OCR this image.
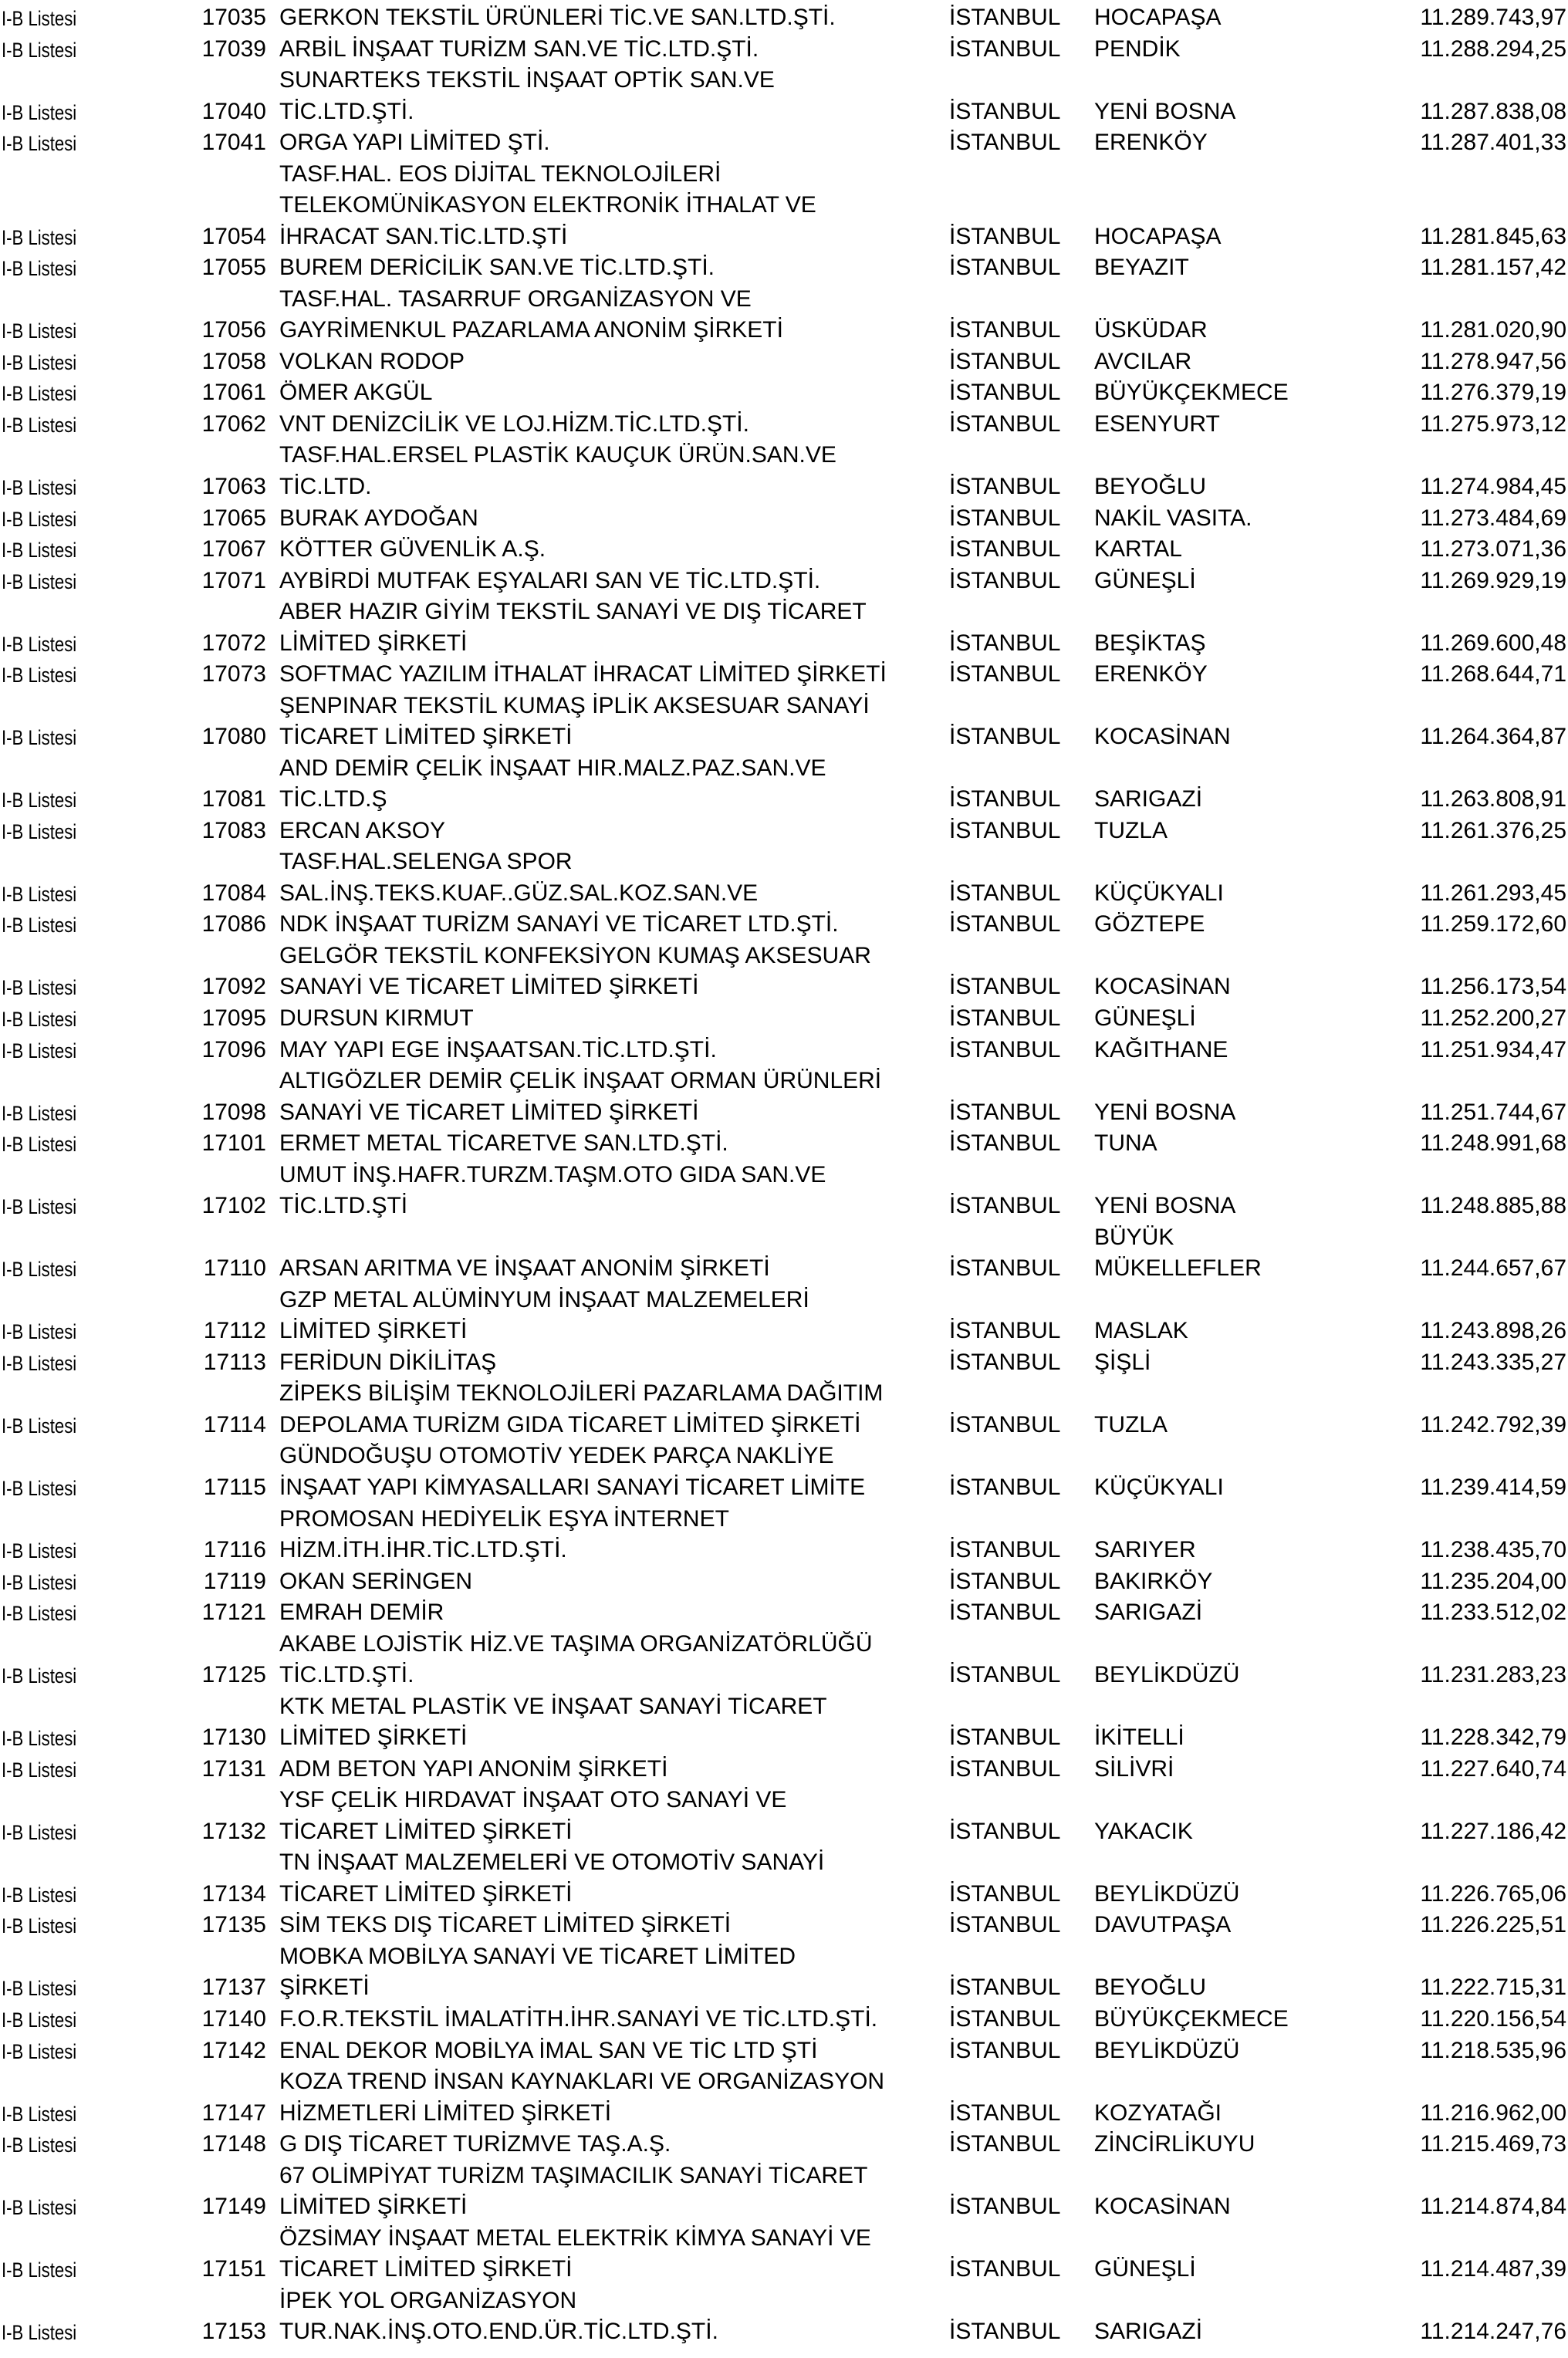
I-B Listesi	17035 GERKON TEKSTİL ÜRÜNLERİ TİC.VE SAN.LTD.ŞTİ.	İSTANBUL HOCAPAŞA	11.289.743,97
I-B Listesi	17039 ARBİL İNŞAAT TURİZM SAN.VE TİC.LTD.ŞTİ.	İSTANBUL PENDİK	11.288.294,25
SUNARTEKS TEKSTİL İNŞAAT OPTİK SAN.VE
I-B Listesi	17040 TİC.LTD.ŞTİ.	İSTANBUL YENİ BOSNA	11.287.838,08
I-B Listesi	17041 ORGA YAPI LİMİTED ŞTİ.	İSTANBUL ERENKÖY	11.287.401,33
TASF.HAL. EOS DİJİTAL TEKNOLOJİLERİ
TELEKOMÜNİKASYON ELEKTRONİK İTHALAT VE
I-B Listesi	17054 İHRACAT SAN.TİC.LTD.ŞTİ	İSTANBUL HOCAPAŞA	11.281.845,63
I-B Listesi	17055 BUREM DERİCİLİK SAN.VE TİC.LTD.ŞTİ.	İSTANBUL BEYAZIT	11.281.157,42
TASF.HAL. TASARRUF ORGANİZASYON VE
I-B Listesi	17056 GAYRİMENKUL PAZARLAMA ANONİM ŞİRKETİ	İSTANBUL ÜSKÜDAR	11.281.020,90
I-B Listesi	17058 VOLKAN RODOP	İSTANBUL AVCILAR	11.278.947,56
I-B Listesi	17061 ÖMER AKGÜL	İSTANBUL BÜYÜKÇEKMECE	11.276.379,19
I-B Listesi	17062 VNT DENİZCİLİK VE LOJ.HİZM.TİC.LTD.ŞTİ.	İSTANBUL ESENYURT	11.275.973,12
TASF.HAL.ERSEL PLASTİK KAUÇUK ÜRÜN.SAN.VE
I-B Listesi	17063 TİC.LTD.	İSTANBUL BEYOĞLU	11.274.984,45
I-B Listesi	17065 BURAK AYDOĞAN	İSTANBUL NAKİL VASITA.	11.273.484,69
I-B Listesi	17067 KÖTTER GÜVENLİK A.Ş.	İSTANBUL KARTAL	11.273.071,36
I-B Listesi	17071 AYBİRDİ MUTFAK EŞYALARI SAN VE TİC.LTD.ŞTİ.	İSTANBUL GÜNEŞLİ	11.269.929,19
ABER HAZIR GİYİM TEKSTİL SANAYİ VE DIŞ TİCARET
I-B Listesi	17072 LİMİTED ŞİRKETİ	İSTANBUL BEŞİKTAŞ	11.269.600,48
I-B Listesi	17073 SOFTMAC YAZILIM İTHALAT İHRACAT LİMİTED ŞİRKETİ	İSTANBUL ERENKÖY	11.268.644,71
ŞENPINAR TEKSTİL KUMAŞ İPLİK AKSESUAR SANAYİ
I-B Listesi	17080 TİCARET LİMİTED ŞİRKETİ	İSTANBUL KOCASİNAN	11.264.364,87
AND DEMİR ÇELİK İNŞAAT HIR.MALZ.PAZ.SAN.VE
I-B Listesi	17081 TİC.LTD.Ş	İSTANBUL SARIGAZİ	11.263.808,91
I-B Listesi	17083 ERCAN AKSOY	İSTANBUL TUZLA	11.261.376,25
TASF.HAL.SELENGA SPOR
I-B Listesi	17084 SAL.İNŞ.TEKS.KUAF..GÜZ.SAL.KOZ.SAN.VE	İSTANBUL KÜÇÜKYALI	11.261.293,45
I-B Listesi	17086 NDK İNŞAAT TURİZM SANAYİ VE TİCARET LTD.ŞTİ.	İSTANBUL GÖZTEPE	11.259.172,60
GELGÖR TEKSTİL KONFEKSİYON KUMAŞ AKSESUAR
I-B Listesi	17092 SANAYİ VE TİCARET LİMİTED ŞİRKETİ	İSTANBUL KOCASİNAN	11.256.173,54
I-B Listesi	17095 DURSUN KIRMUT	İSTANBUL GÜNEŞLİ	11.252.200,27
I-B Listesi	17096 MAY YAPI EGE İNŞAATSAN.TİC.LTD.ŞTİ.	İSTANBUL KAĞITHANE	11.251.934,47
ALTIGÖZLER DEMİR ÇELİK İNŞAAT ORMAN ÜRÜNLERİ
I-B Listesi	17098 SANAYİ VE TİCARET LİMİTED ŞİRKETİ	İSTANBUL YENİ BOSNA	11.251.744,67
I-B Listesi	17101 ERMET METAL TİCARETVE SAN.LTD.ŞTİ.	İSTANBUL TUNA	11.248.991,68
UMUT İNŞ.HAFR.TURZM.TAŞM.OTO GIDA SAN.VE
I-B Listesi	17102 TİC.LTD.ŞTİ	İSTANBUL YENİ BOSNA	11.248.885,88
BÜYÜK
I-B Listesi	17110 ARSAN ARITMA VE İNŞAAT ANONİM ŞİRKETİ	İSTANBUL MÜKELLEFLER	11.244.657,67
GZP METAL ALÜMİNYUM İNŞAAT MALZEMELERİ
I-B Listesi	17112 LİMİTED ŞİRKETİ	İSTANBUL MASLAK	11.243.898,26
I-B Listesi	17113 FERİDUN DİKİLİTAŞ	İSTANBUL ŞİŞLİ	11.243.335,27
ZİPEKS BİLİŞİM TEKNOLOJİLERİ PAZARLAMA DAĞITIM
I-B Listesi	17114 DEPOLAMA TURİZM GIDA TİCARET LİMİTED ŞİRKETİ	İSTANBUL TUZLA	11.242.792,39
GÜNDOĞUŞU OTOMOTİV YEDEK PARÇA NAKLİYE
I-B Listesi	17115 İNŞAAT YAPI KİMYASALLARI SANAYİ TİCARET LİMİTE	İSTANBUL KÜÇÜKYALI	11.239.414,59
PROMOSAN HEDİYELİK EŞYA İNTERNET
I-B Listesi	17116 HİZM.İTH.İHR.TİC.LTD.ŞTİ.	İSTANBUL SARIYER	11.238.435,70
I-B Listesi	17119 OKAN SERİNGEN	İSTANBUL BAKIRKÖY	11.235.204,00
I-B Listesi	17121 EMRAH DEMİR	İSTANBUL SARIGAZİ	11.233.512,02
AKABE LOJİSTİK HİZ.VE TAŞIMA ORGANİZATÖRLÜĞÜ
I-B Listesi	17125 TİC.LTD.ŞTİ.	İSTANBUL BEYLİKDÜZÜ	11.231.283,23
KTK METAL PLASTİK VE İNŞAAT SANAYİ TİCARET
I-B Listesi	17130 LİMİTED ŞİRKETİ	İSTANBUL İKİTELLİ	11.228.342,79
I-B Listesi	17131 ADM BETON YAPI ANONİM ŞİRKETİ	İSTANBUL SİLİVRİ	11.227.640,74
YSF ÇELİK HIRDAVAT İNŞAAT OTO SANAYİ VE
I-B Listesi	17132 TİCARET LİMİTED ŞİRKETİ	İSTANBUL YAKACIK	11.227.186,42
TN İNŞAAT MALZEMELERİ VE OTOMOTİV SANAYİ
I-B Listesi	17134 TİCARET LİMİTED ŞİRKETİ	İSTANBUL BEYLİKDÜZÜ	11.226.765,06
I-B Listesi	17135 SİM TEKS DIŞ TİCARET LİMİTED ŞİRKETİ	İSTANBUL DAVUTPAŞA	11.226.225,51
MOBKA MOBİLYA SANAYİ VE TİCARET LİMİTED
I-B Listesi	17137 ŞİRKETİ	İSTANBUL BEYOĞLU	11.222.715,31
I-B Listesi	17140 F.O.R.TEKSTİL İMALATİTH.İHR.SANAYİ VE TİC.LTD.ŞTİ.	İSTANBUL BÜYÜKÇEKMECE	11.220.156,54
I-B Listesi	17142 ENAL DEKOR MOBİLYA İMAL SAN VE TİC LTD ŞTİ	İSTANBUL BEYLİKDÜZÜ	11.218.535,96
KOZA TREND İNSAN KAYNAKLARI VE ORGANİZASYON
I-B Listesi	17147 HİZMETLERİ LİMİTED ŞİRKETİ	İSTANBUL KOZYATAĞI	11.216.962,00
I-B Listesi	17148 G DIŞ TİCARET TURİZMVE TAŞ.A.Ş.	İSTANBUL ZİNCİRLİKUYU	11.215.469,73
67 OLİMPİYAT TURİZM TAŞIMACILIK SANAYİ TİCARET
I-B Listesi	17149 LİMİTED ŞİRKETİ	İSTANBUL KOCASİNAN	11.214.874,84
ÖZSİMAY İNŞAAT METAL ELEKTRİK KİMYA SANAYİ VE
I-B Listesi	17151 TİCARET LİMİTED ŞİRKETİ	İSTANBUL GÜNEŞLİ	11.214.487,39
İPEK YOL ORGANİZASYON
I-B Listesi	17153 TUR.NAK.İNŞ.OTO.END.ÜR.TİC.LTD.ŞTİ.	İSTANBUL SARIGAZİ	11.214.247,76
